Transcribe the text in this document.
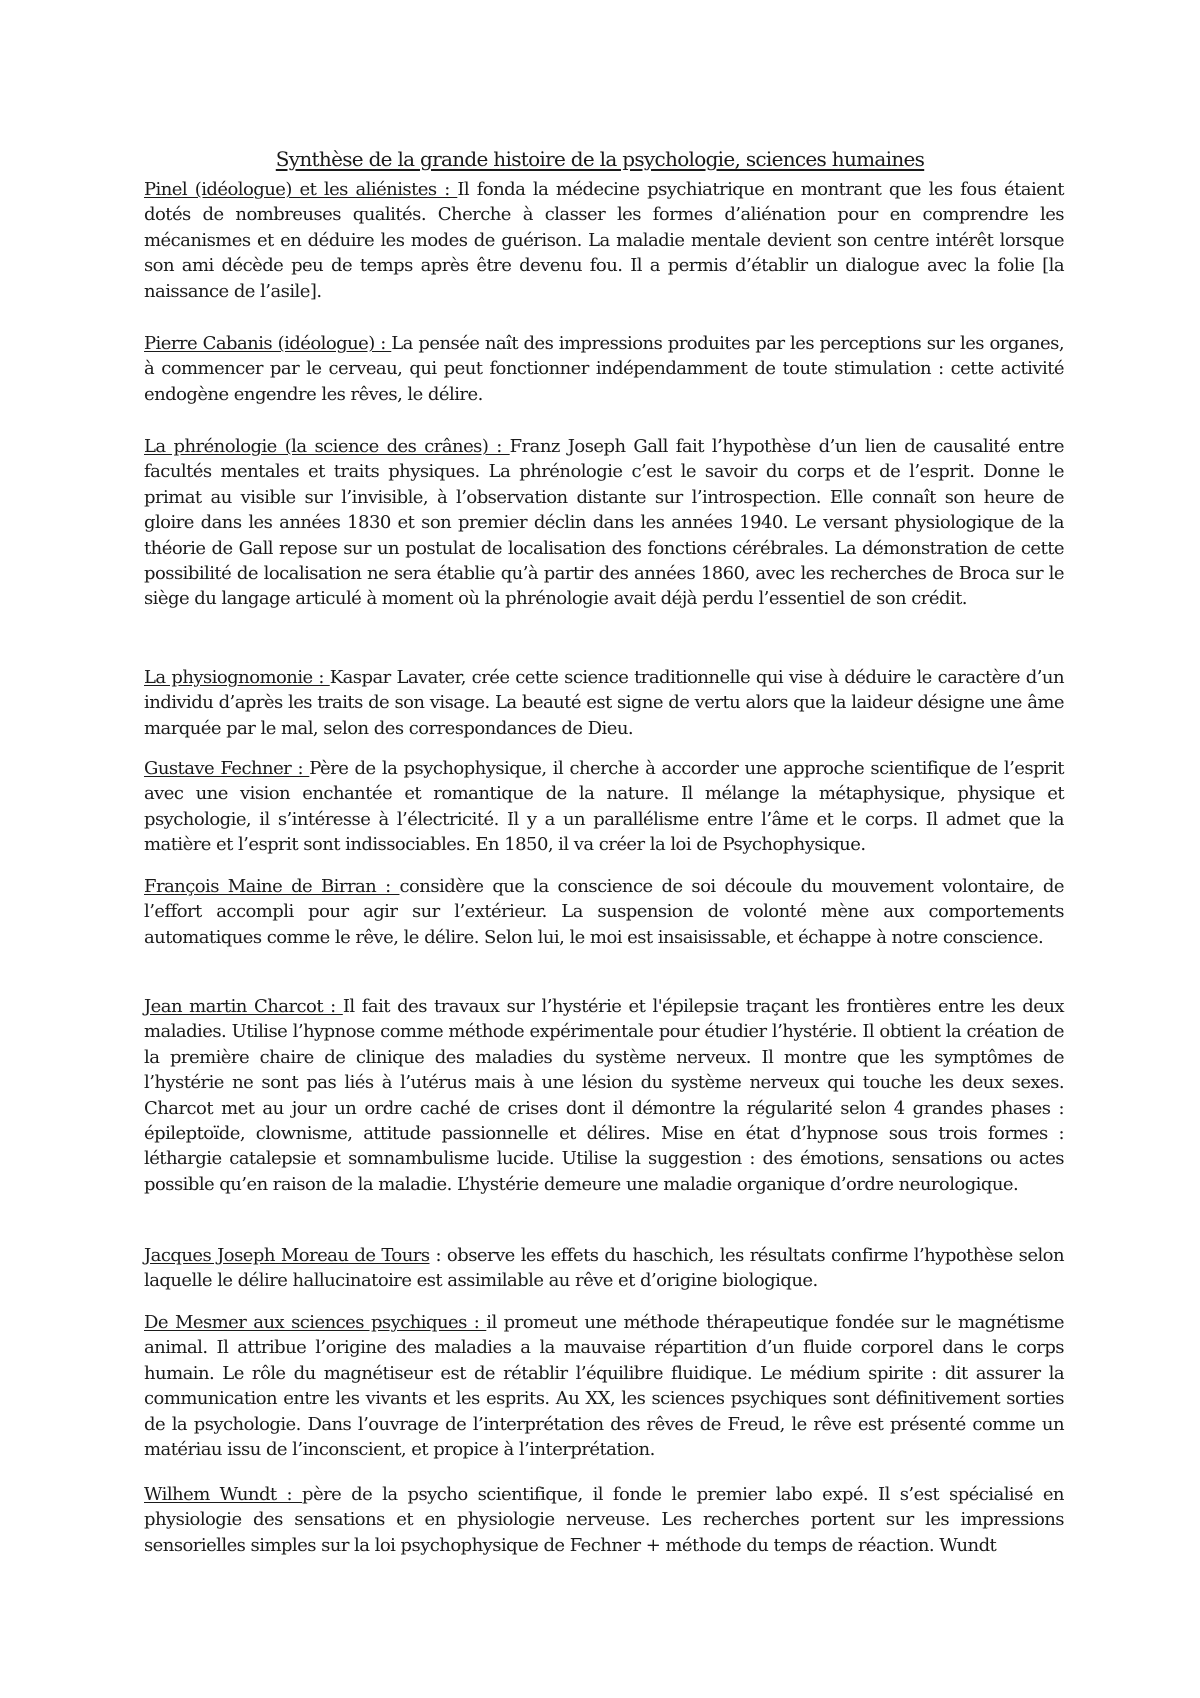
Synthèse de la grande histoire de la psychologie, sciences humaines

Pinel (idéologue) et les aliénistes : Il fonda la médecine psychiatrique en montrant que les fous étaient dotés de nombreuses qualités. Cherche à classer les formes d’aliénation pour en comprendre les mécanismes et en déduire les modes de guérison. La maladie mentale devient son centre intérêt lorsque son ami décède peu de temps après être devenu fou. Il a permis d’établir un dialogue avec la folie [la naissance de l’asile].

Pierre Cabanis (idéologue) : La pensée naît des impressions produites par les perceptions sur les organes, à commencer par le cerveau, qui peut fonctionner indépendamment de toute stimulation : cette activité endogène engendre les rêves, le délire.

La phrénologie (la science des crânes) : Franz Joseph Gall fait l’hypothèse d’un lien de causalité entre facultés mentales et traits physiques. La phrénologie c’est le savoir du corps et de l’esprit. Donne le primat au visible sur l’invisible, à l’observation distante sur l’introspection. Elle connaît son heure de gloire dans les années 1830 et son premier déclin dans les années 1940. Le versant physiologique de la théorie de Gall repose sur un postulat de localisation des fonctions cérébrales. La démonstration de cette possibilité de localisation ne sera établie qu’à partir des années 1860, avec les recherches de Broca sur le siège du langage articulé à moment où la phrénologie avait déjà perdu l’essentiel de son crédit.

La physiognomonie : Kaspar Lavater, crée cette science traditionnelle qui vise à déduire le caractère d’un individu d’après les traits de son visage. La beauté est signe de vertu alors que la laideur désigne une âme marquée par le mal, selon des correspondances de Dieu.

Gustave Fechner : Père de la psychophysique, il cherche à accorder une approche scientifique de l’esprit avec une vision enchantée et romantique de la nature. Il mélange la métaphysique, physique et psychologie, il s’intéresse à l’électricité. Il y a un parallélisme entre l’âme et le corps. Il admet que la matière et l’esprit sont indissociables. En 1850, il va créer la loi de Psychophysique.

François Maine de Birran : considère que la conscience de soi découle du mouvement volontaire, de l’effort accompli pour agir sur l’extérieur. La suspension de volonté mène aux comportements automatiques comme le rêve, le délire. Selon lui, le moi est insaisissable, et échappe à notre conscience.

Jean martin Charcot : Il fait des travaux sur l’hystérie et l'épilepsie traçant les frontières entre les deux maladies. Utilise l’hypnose comme méthode expérimentale pour étudier l’hystérie. Il obtient la création de la première chaire de clinique des maladies du système nerveux. Il montre que les symptômes de l’hystérie ne sont pas liés à l’utérus mais à une lésion du système nerveux qui touche les deux sexes. Charcot met au jour un ordre caché de crises dont il démontre la régularité selon 4 grandes phases : épileptoïde, clownisme, attitude passionnelle et délires. Mise en état d’hypnose sous trois formes : léthargie catalepsie et somnambulisme lucide. Utilise la suggestion : des émotions, sensations ou actes possible qu’en raison de la maladie. L’hystérie demeure une maladie organique d’ordre neurologique.

Jacques Joseph Moreau de Tours : observe les effets du haschich, les résultats confirme l’hypothèse selon laquelle le délire hallucinatoire est assimilable au rêve et d’origine biologique.

De Mesmer aux sciences psychiques : il promeut une méthode thérapeutique fondée sur le magnétisme animal. Il attribue l’origine des maladies a la mauvaise répartition d’un fluide corporel dans le corps humain. Le rôle du magnétiseur est de rétablir l’équilibre fluidique. Le médium spirite : dit assurer la communication entre les vivants et les esprits. Au XX, les sciences psychiques sont définitivement sorties de la psychologie. Dans l’ouvrage de l’interprétation des rêves de Freud, le rêve est présenté comme un matériau issu de l’inconscient, et propice à l’interprétation.

Wilhem Wundt : père de la psycho scientifique, il fonde le premier labo expé. Il s’est spécialisé en physiologie des sensations et en physiologie nerveuse. Les recherches portent sur les impressions sensorielles simples sur la loi psychophysique de Fechner + méthode du temps de réaction. Wundt
